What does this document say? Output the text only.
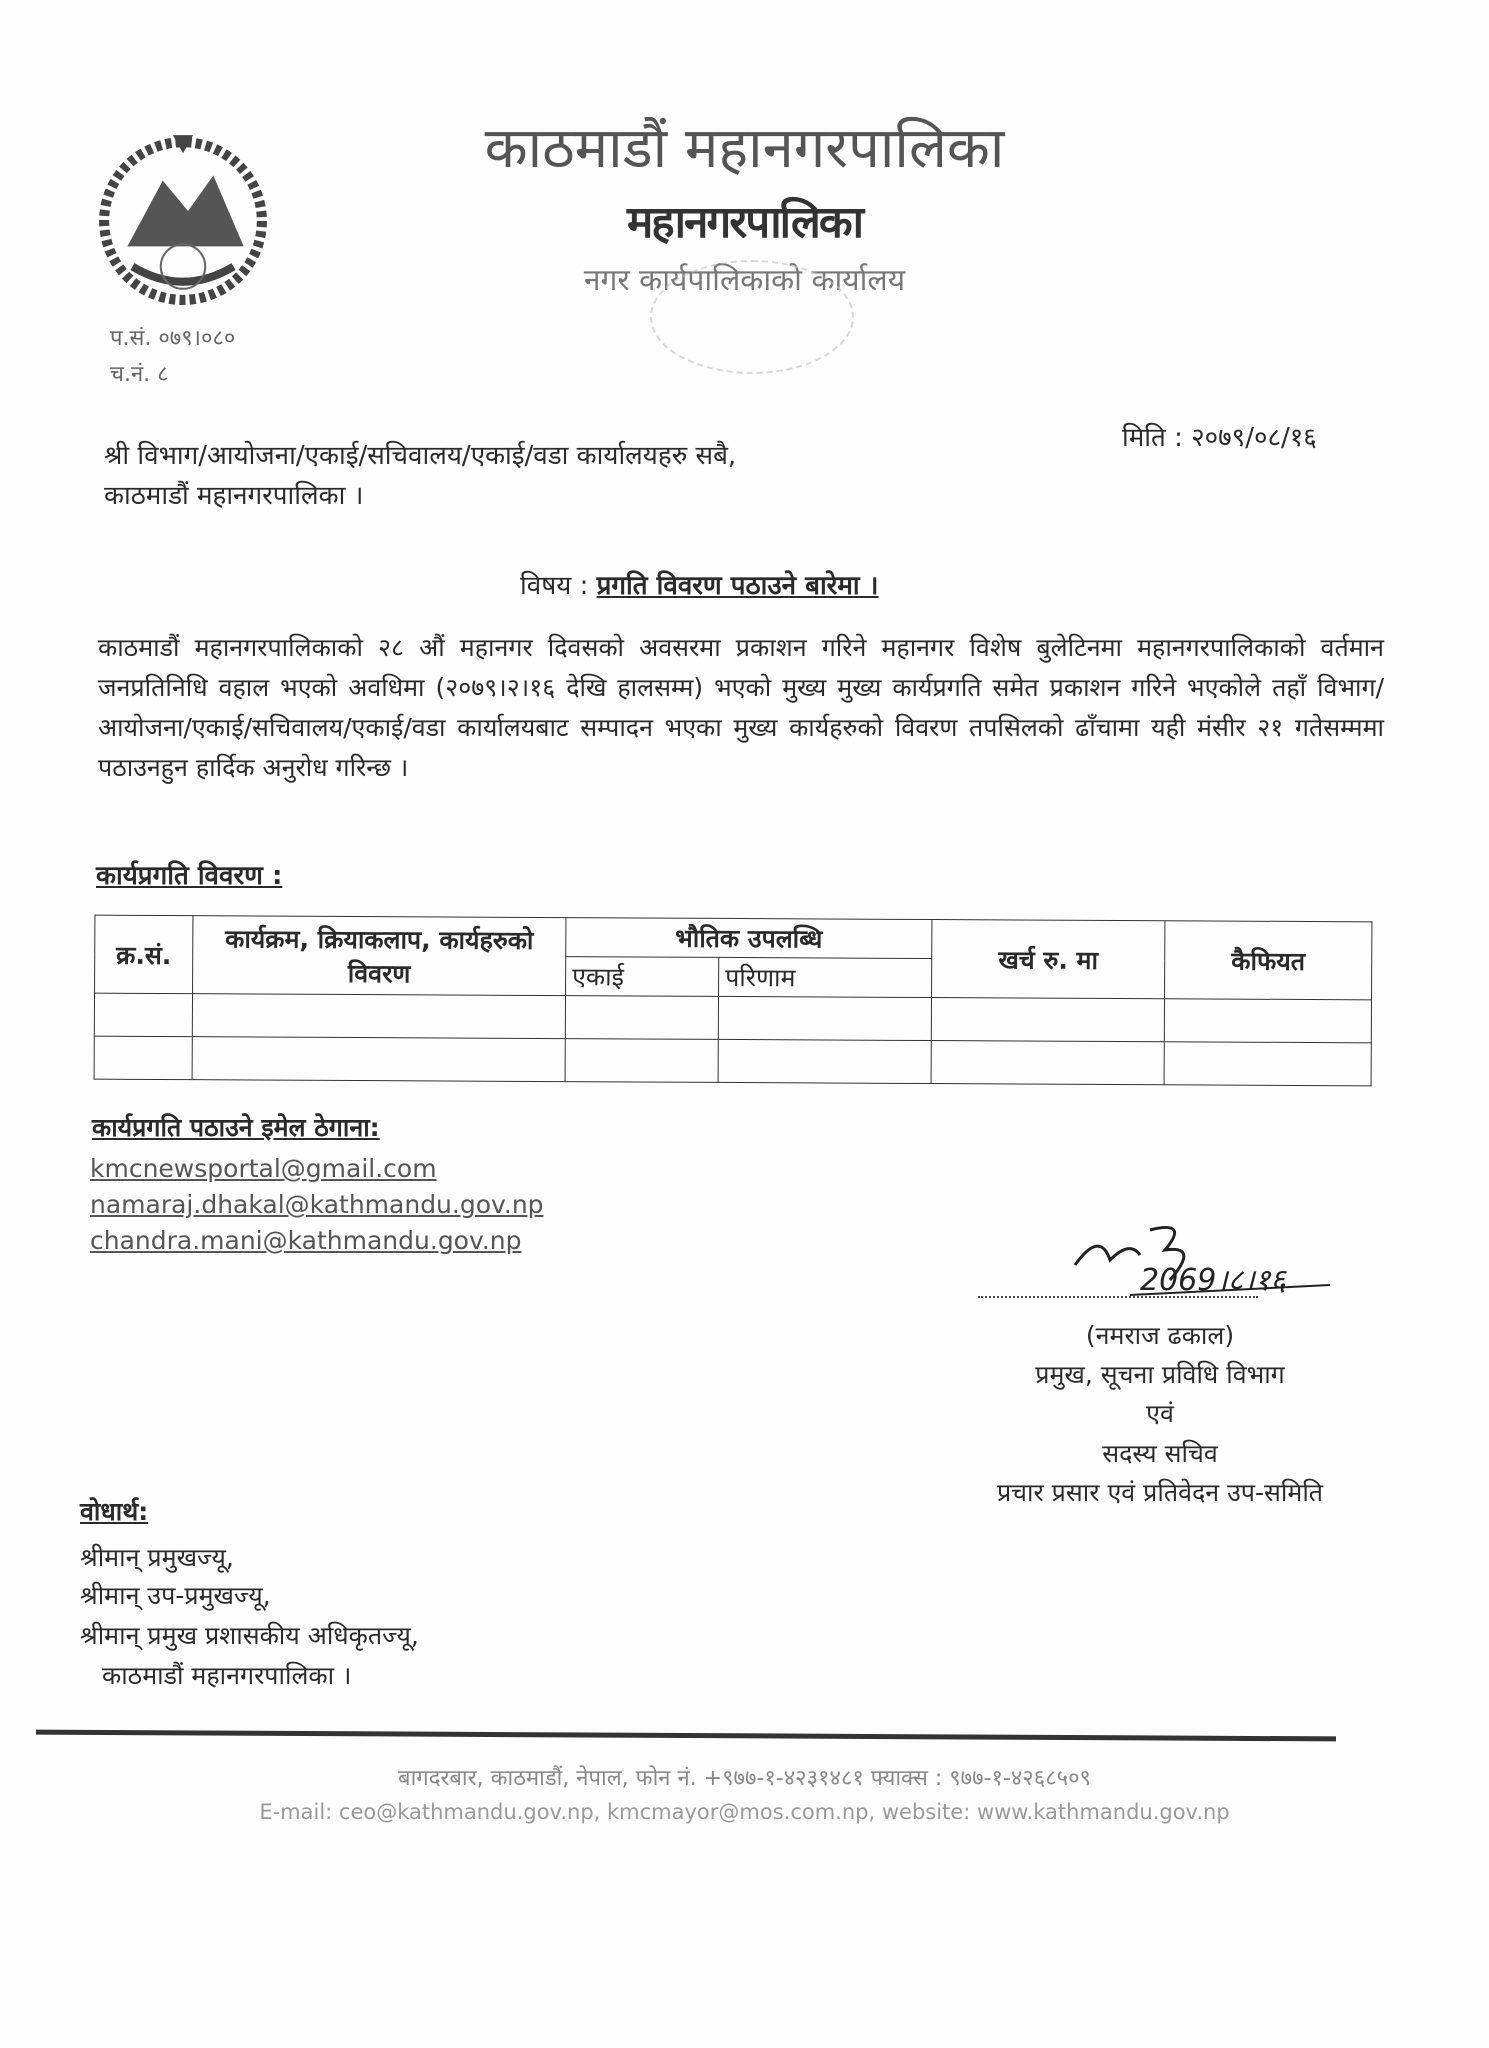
काठमाडौं महानगरपालिका
महानगरपालिका
नगर कार्यपालिकाको कार्यालय
प.सं. ०७९।०८०
च.नं. ८
मिति : २०७९/०८/१६
श्री विभाग/आयोजना/एकाई/सचिवालय/एकाई/वडा कार्यालयहरु सबै,
काठमाडौं महानगरपालिका ।
विषय : प्रगति विवरण पठाउने बारेमा ।
काठमाडौं महानगरपालिकाको २८ औं महानगर दिवसको अवसरमा प्रकाशन गरिने महानगर विशेष बुलेटिनमा महानगरपालिकाको वर्तमान जनप्रतिनिधि वहाल भएको अवधिमा (२०७९।२।१६ देखि हालसम्म) भएको मुख्य मुख्य कार्यप्रगति समेत प्रकाशन गरिने भएकोले तहाँ विभाग/आयोजना/एकाई/सचिवालय/एकाई/वडा कार्यालयबाट सम्पादन भएका मुख्य कार्यहरुको विवरण तपसिलको ढाँचामा यही मंसीर २१ गतेसम्ममा पठाउनहुन हार्दिक अनुरोध गरिन्छ ।
कार्यप्रगति विवरण :
क्र.सं.	कार्यक्रम, क्रियाकलाप, कार्यहरुको विवरण	भौतिक उपलब्धि		खर्च रु. मा	कैफियत
		एकाई	परिणाम		

कार्यप्रगति पठाउने इमेल ठेगाना:
kmcnewsportal@gmail.com
namaraj.dhakal@kathmandu.gov.np
chandra.mani@kathmandu.gov.np
2069।८।१६
(नमराज ढकाल)
प्रमुख, सूचना प्रविधि विभाग
एवं
सदस्य सचिव
प्रचार प्रसार एवं प्रतिवेदन उप-समिति
वोधार्थ:
श्रीमान् प्रमुखज्यू,
श्रीमान् उप-प्रमुखज्यू,
श्रीमान् प्रमुख प्रशासकीय अधिकृतज्यू,
काठमाडौं महानगरपालिका ।
बागदरबार, काठमाडौं, नेपाल, फोन नं. +९७७-१-४२३१४८१ फ्याक्स : ९७७-१-४२६८५०९
E-mail: ceo@kathmandu.gov.np, kmcmayor@mos.com.np, website: www.kathmandu.gov.np
